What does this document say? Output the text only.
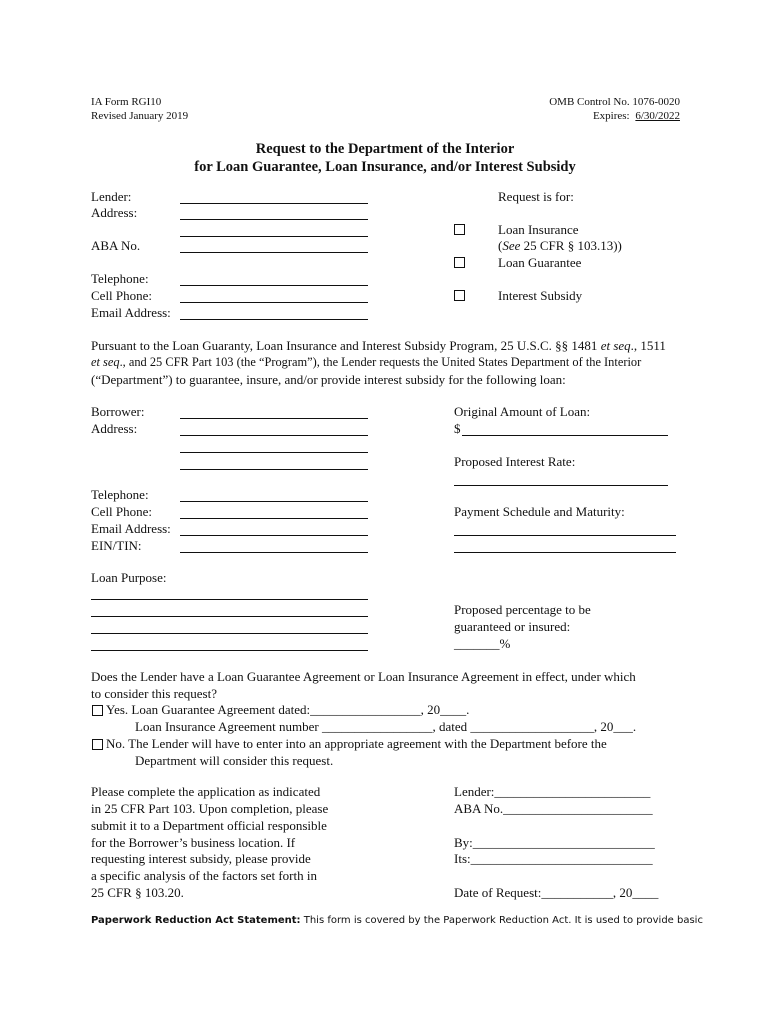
IA Form RGI10
Revised January 2019
OMB Control No. 1076-0020
Expires: 6/30/2022
Request to the Department of the Interior
for Loan Guarantee, Loan Insurance, and/or Interest Subsidy
Lender:
Address:
ABA No.
Telephone:
Cell Phone:
Email Address:
Request is for:
Loan Insurance
(See 25 CFR § 103.13))
Loan Guarantee
Interest Subsidy
Pursuant to the Loan Guaranty, Loan Insurance and Interest Subsidy Program, 25 U.S.C. §§ 1481 et seq., 1511
et seq., and 25 CFR Part 103 (the “Program”), the Lender requests the United States Department of the Interior
(“Department”) to guarantee, insure, and/or provide interest subsidy for the following loan:
Borrower:
Address:
Telephone:
Cell Phone:
Email Address:
EIN/TIN:
Loan Purpose:
Original Amount of Loan:
$
Proposed Interest Rate:
Payment Schedule and Maturity:
Proposed percentage to be
guaranteed or insured:
_______%
Does the Lender have a Loan Guarantee Agreement or Loan Insurance Agreement in effect, under which
to consider this request?
Yes. Loan Guarantee Agreement dated:_________________, 20____.
Loan Insurance Agreement number _________________, dated ___________________, 20___.
No. The Lender will have to enter into an appropriate agreement with the Department before the
Department will consider this request.
Please complete the application as indicated
in 25 CFR Part 103. Upon completion, please
submit it to a Department official responsible
for the Borrower’s business location. If
requesting interest subsidy, please provide
a specific analysis of the factors set forth in
25 CFR § 103.20.
Lender:________________________
ABA No._______________________
By:____________________________
Its:____________________________
Date of Request:___________, 20____
Paperwork Reduction Act Statement: This form is covered by the Paperwork Reduction Act. It is used to provide basic
